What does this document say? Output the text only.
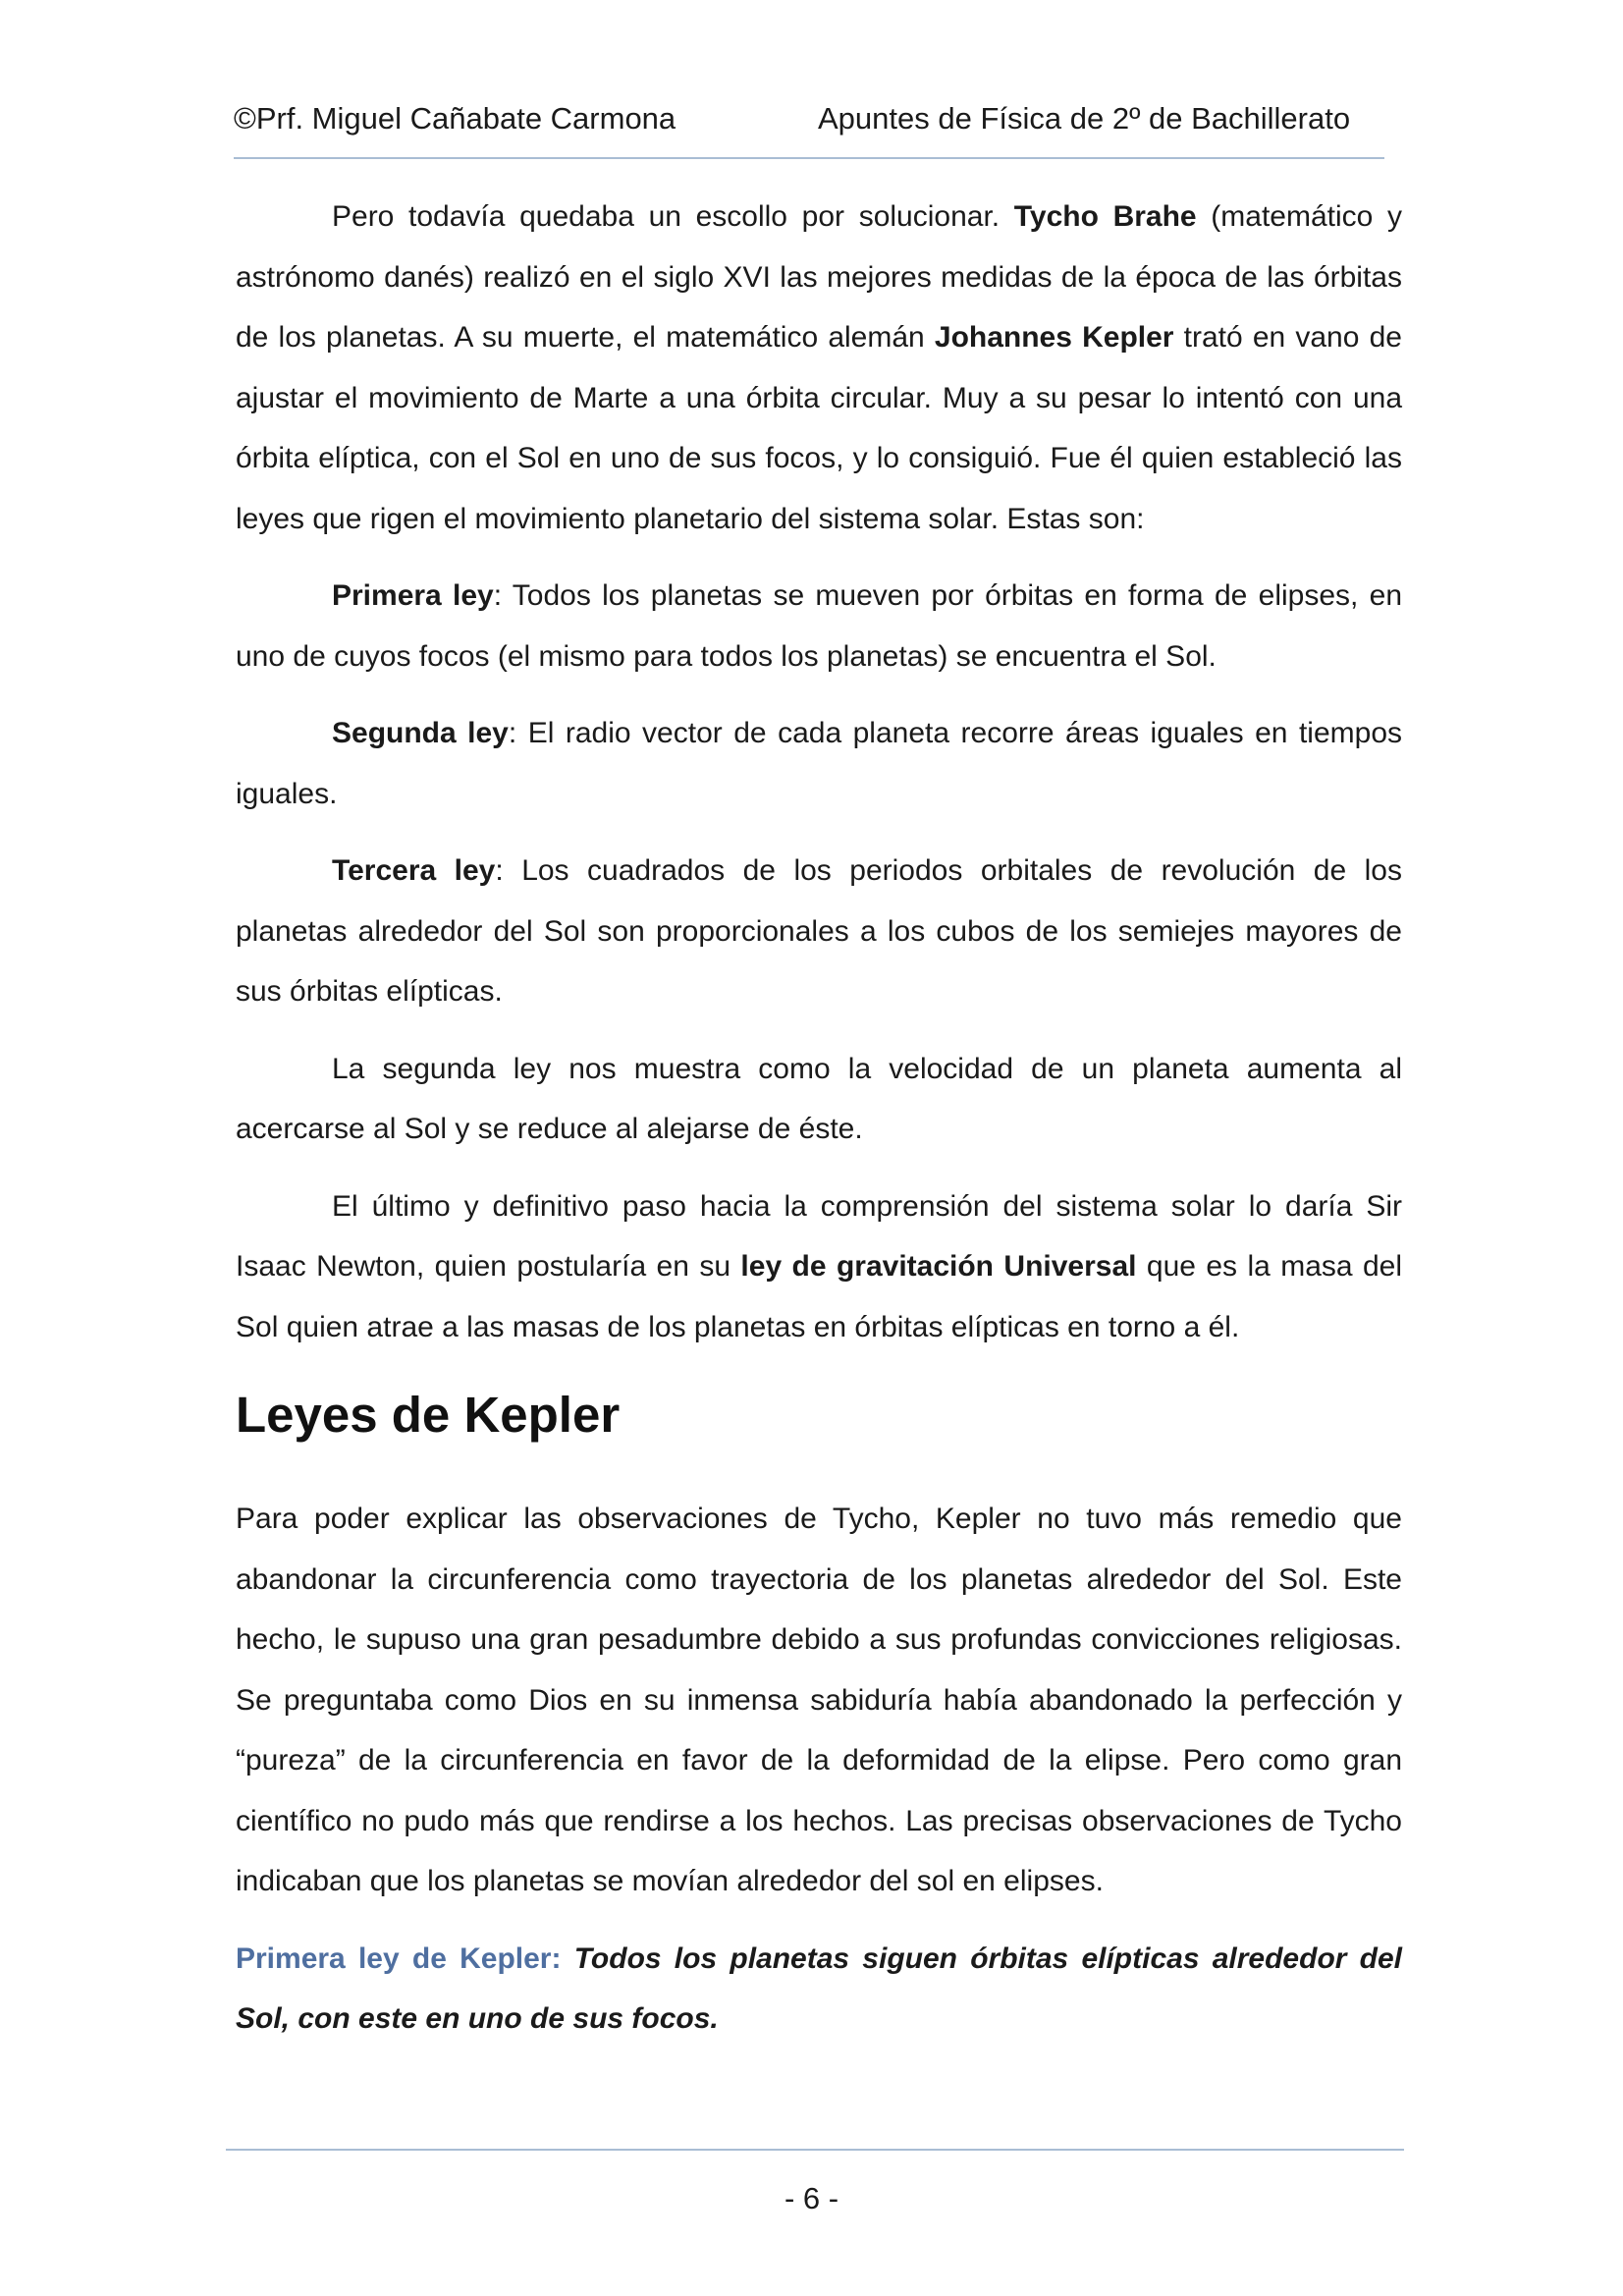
©Prf. Miguel Cañabate Carmona	Apuntes de Física de 2º de Bachillerato

Pero todavía quedaba un escollo por solucionar. Tycho Brahe (matemático y astrónomo danés) realizó en el siglo XVI las mejores medidas de la época de las órbitas de los planetas. A su muerte, el matemático alemán Johannes Kepler trató en vano de ajustar el movimiento de Marte a una órbita circular. Muy a su pesar lo intentó con una órbita elíptica, con el Sol en uno de sus focos, y lo consiguió. Fue él quien estableció las leyes que rigen el movimiento planetario del sistema solar. Estas son:

Primera ley: Todos los planetas se mueven por órbitas en forma de elipses, en uno de cuyos focos (el mismo para todos los planetas) se encuentra el Sol.

Segunda ley: El radio vector de cada planeta recorre áreas iguales en tiempos iguales.

Tercera ley: Los cuadrados de los periodos orbitales de revolución de los planetas alrededor del Sol son proporcionales a los cubos de los semiejes mayores de sus órbitas elípticas.

La segunda ley nos muestra como la velocidad de un planeta aumenta al acercarse al Sol y se reduce al alejarse de éste.

El último y definitivo paso hacia la comprensión del sistema solar lo daría Sir Isaac Newton, quien postularía en su ley de gravitación Universal que es la masa del Sol quien atrae a las masas de los planetas en órbitas elípticas en torno a él.

Leyes de Kepler

Para poder explicar las observaciones de Tycho, Kepler no tuvo más remedio que abandonar la circunferencia como trayectoria de los planetas alrededor del Sol. Este hecho, le supuso una gran pesadumbre debido a sus profundas convicciones religiosas. Se preguntaba como Dios en su inmensa sabiduría había abandonado la perfección y “pureza” de la circunferencia en favor de la deformidad de la elipse. Pero como gran científico no pudo más que rendirse a los hechos. Las precisas observaciones de Tycho indicaban que los planetas se movían alrededor del sol en elipses.

Primera ley de Kepler: Todos los planetas siguen órbitas elípticas alrededor del Sol, con este en uno de sus focos.

- 6 -
